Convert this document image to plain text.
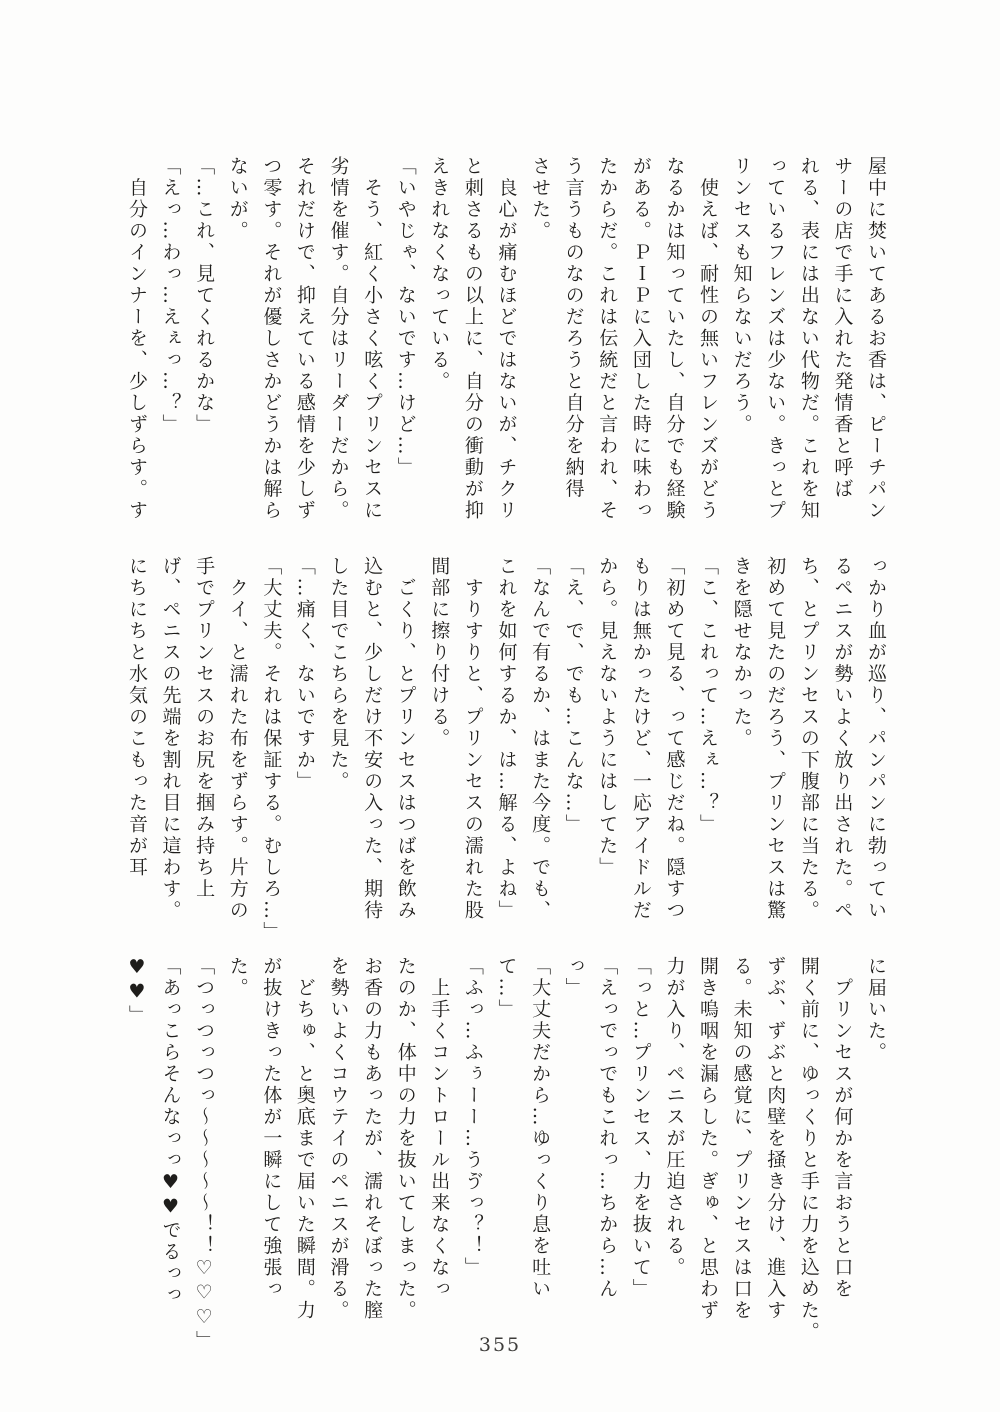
屋中に焚いてあるお香は、ピーチパン
サーの店で手に入れた発情香と呼ば
れる、表には出ない代物だ。これを知
っているフレンズは少ない。きっとプ
リンセスも知らないだろう。
　使えば、耐性の無いフレンズがどう
なるかは知っていたし、自分でも経験
がある。ＰＩＰに入団した時に味わっ
たからだ。これは伝統だと言われ、そ
う言うものなのだろうと自分を納得
させた。
　良心が痛むほどではないが、チクリ
と刺さるもの以上に、自分の衝動が抑
えきれなくなっている。
「いやじゃ、ないです…けど…」
　そう、紅く小さく呟くプリンセスに
劣情を催す。自分はリーダーだから。
それだけで、抑えている感情を少しず
つ零す。それが優しさかどうかは解ら
ないが。
「…これ、見てくれるかな」
「えっ…わっ…えぇっ…？」
　自分のインナーを、少しずらす。す
っかり血が巡り、パンパンに勃ってい
るペニスが勢いよく放り出された。ペ
ち、とプリンセスの下腹部に当たる。
初めて見たのだろう、プリンセスは驚
きを隠せなかった。
「こ、これって…えぇ…？」
「初めて見る、って感じだね。隠すつ
もりは無かったけど、一応アイドルだ
から。見えないようにはしてた」
「え、で、でも…こんな…」
「なんで有るか、はまた今度。でも、
これを如何するか、は…解る、よね」
　すりすりと、プリンセスの濡れた股
間部に擦り付ける。
　ごくり、とプリンセスはつばを飲み
込むと、少しだけ不安の入った、期待
した目でこちらを見た。
「…痛く、ないですか」
「大丈夫。それは保証する。むしろ…」
　クイ、と濡れた布をずらす。片方の
手でプリンセスのお尻を掴み持ち上
げ、ペニスの先端を割れ目に這わす。
にちにちと水気のこもった音が耳
に届いた。
　プリンセスが何かを言おうと口を
開く前に、ゆっくりと手に力を込めた。
ずぶ、ずぶと肉壁を掻き分け、進入す
る。未知の感覚に、プリンセスは口を
開き嗚咽を漏らした。ぎゅ、と思わず
力が入り、ペニスが圧迫される。
「っと…プリンセス、力を抜いて」
「えっでっでもこれっ…ちから…ん
っ」
「大丈夫だから…ゆっくり息を吐い
て…」
「ふっ…ふぅーー…うゔっ？！」
　上手くコントロール出来なくなっ
たのか、体中の力を抜いてしまった。
お香の力もあったが、濡れそぼった膣
を勢いよくコウテイのペニスが滑る。
　どちゅ、と奥底まで届いた瞬間。力
が抜けきった体が一瞬にして強張っ
た。
「つっつっつっ～～～～～！！♡♡♡」
「あっこらそんなっっ♥♥でるっっ
♥♥」
355
